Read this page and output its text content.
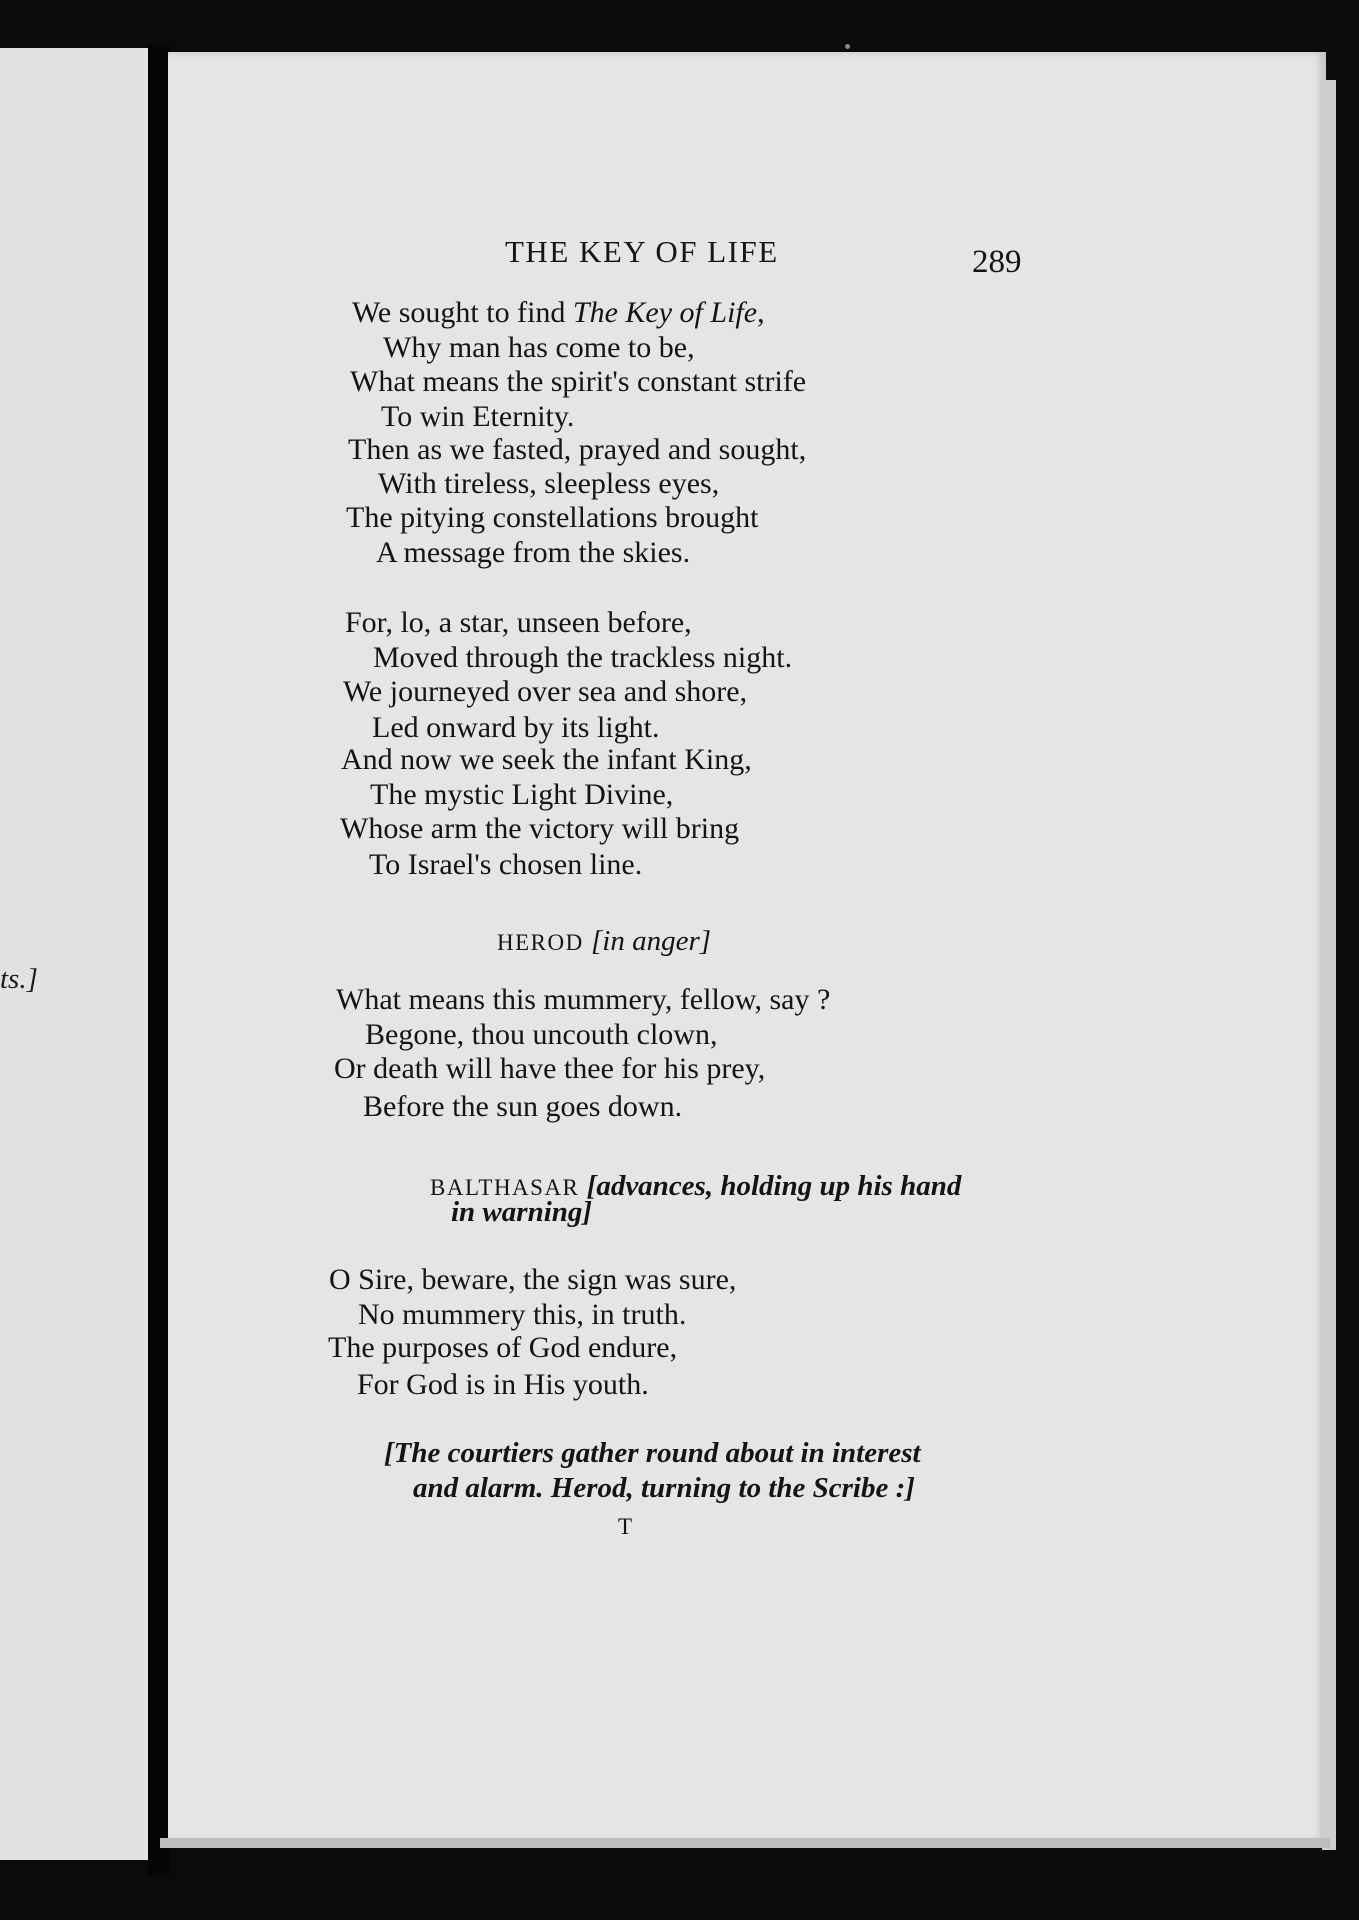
ts.]
THE KEY OF LIFE	289
We sought to find The Key of Life,
Why man has come to be,
What means the spirit's constant strife
To win Eternity.
Then as we fasted, prayed and sought,
With tireless, sleepless eyes,
The pitying constellations brought
A message from the skies.
For, lo, a star, unseen before,
Moved through the trackless night.
We journeyed over sea and shore,
Led onward by its light.
And now we seek the infant King,
The mystic Light Divine,
Whose arm the victory will bring
To Israel's chosen line.
HEROD [in anger]
What means this mummery, fellow, say ?
Begone, thou uncouth clown,
Or death will have thee for his prey,
Before the sun goes down.
BALTHASAR [advances, holding up his hand
in warning]
O Sire, beware, the sign was sure,
No mummery this, in truth.
The purposes of God endure,
For God is in His youth.
[The courtiers gather round about in interest
and alarm. Herod, turning to the Scribe :]
T
